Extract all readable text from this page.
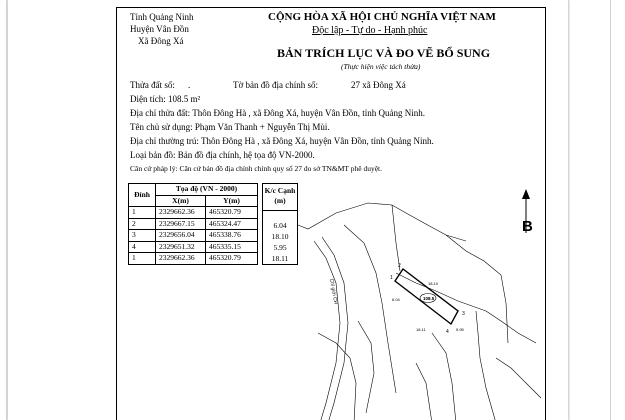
Tỉnh Quảng Ninh
Huyện Vân Đồn
Xã Đông Xá
CỘNG HÒA XÃ HỘI CHỦ NGHĨA VIỆT NAM
Độc lập - Tự do - Hạnh phúc
BẢN TRÍCH LỤC VÀ ĐO VẼ BỔ SUNG
(Thực hiện việc tách thửa)
Thửa đất số: .	Tờ bản đồ địa chính số:	27 xã Đông Xá
Diện tích: 108.5 m²
Địa chỉ thửa đất: Thôn Đông Hà , xã Đông Xá, huyện Vân Đồn, tỉnh Quảng Ninh.
Tên chủ sử dụng: Phạm Văn Thanh + Nguyễn Thị Mùi.
Địa chỉ thường trú: Thôn Đông Hà , xã Đông Xá, huyện Vân Đồn, tỉnh Quảng Ninh.
Loại bản đồ: Bản đồ địa chính, hệ tọa độ VN-2000.
Căn cứ pháp lý: Căn cứ bản đồ địa chính chính quy số 27 do sở TN&MT phê duyệt.
Đỉnh	Tọa độ (VN - 2000)	
	X(m)	Y(m)
1	2329662.36	465320.79
2	2329667.15	465324.47
3	2329656.04	465338.76
4	2329651.32	465335.15
1	2329662.36	465320.79
K/c Cạnh (m)
6.04
18.10
5.95
18.11
Chỉ giới CH
B
108.5
1
2
3
4
6.04
18.10
5.95
18.11
